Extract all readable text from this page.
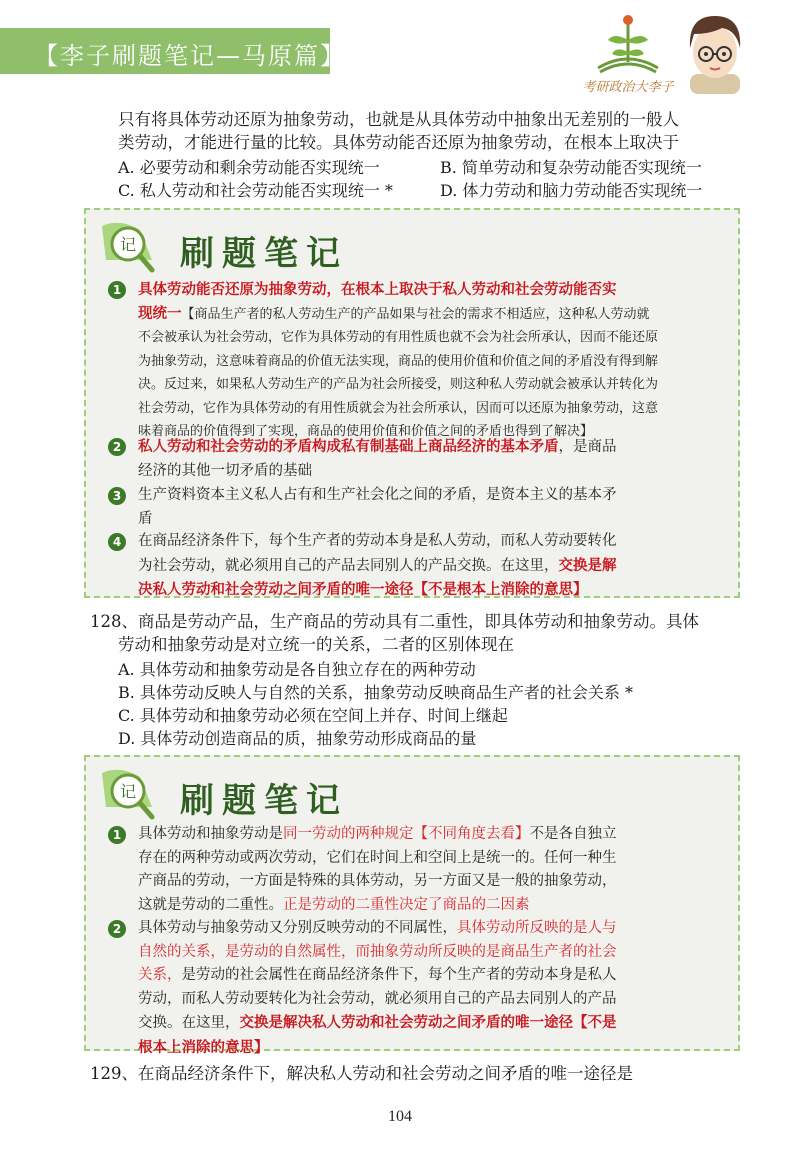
【李子刷题笔记—马原篇】
考研政治大李子
只有将具体劳动还原为抽象劳动，也就是从具体劳动中抽象出无差别的一般人
类劳动，才能进行量的比较。具体劳动能否还原为抽象劳动，在根本上取决于
A. 必要劳动和剩余劳动能否实现统一	B. 简单劳动和复杂劳动能否实现统一
C. 私人劳动和社会劳动能否实现统一 *	D. 体力劳动和脑力劳动能否实现统一
记 刷题笔记
1	具体劳动能否还原为抽象劳动，在根本上取决于私人劳动和社会劳动能否实
现统一【商品生产者的私人劳动生产的产品如果与社会的需求不相适应，这种私人劳动就
不会被承认为社会劳动，它作为具体劳动的有用性质也就不会为社会所承认，因而不能还原
为抽象劳动，这意味着商品的价值无法实现，商品的使用价值和价值之间的矛盾没有得到解
决。反过来，如果私人劳动生产的产品为社会所接受，则这种私人劳动就会被承认并转化为
社会劳动，它作为具体劳动的有用性质就会为社会所承认，因而可以还原为抽象劳动，这意
味着商品的价值得到了实现，商品的使用价值和价值之间的矛盾也得到了解决】
2	私人劳动和社会劳动的矛盾构成私有制基础上商品经济的基本矛盾，是商品
经济的其他一切矛盾的基础
3	生产资料资本主义私人占有和生产社会化之间的矛盾，是资本主义的基本矛
盾
4	在商品经济条件下，每个生产者的劳动本身是私人劳动，而私人劳动要转化
为社会劳动，就必须用自己的产品去同别人的产品交换。在这里，交换是解
决私人劳动和社会劳动之间矛盾的唯一途径【不是根本上消除的意思】
128、商品是劳动产品，生产商品的劳动具有二重性，即具体劳动和抽象劳动。具体
劳动和抽象劳动是对立统一的关系，二者的区别体现在
A. 具体劳动和抽象劳动是各自独立存在的两种劳动
B. 具体劳动反映人与自然的关系，抽象劳动反映商品生产者的社会关系 *
C. 具体劳动和抽象劳动必须在空间上并存、时间上继起
D. 具体劳动创造商品的质，抽象劳动形成商品的量
记 刷题笔记
1	具体劳动和抽象劳动是同一劳动的两种规定【不同角度去看】不是各自独立
存在的两种劳动或两次劳动，它们在时间上和空间上是统一的。任何一种生
产商品的劳动，一方面是特殊的具体劳动，另一方面又是一般的抽象劳动，
这就是劳动的二重性。正是劳动的二重性决定了商品的二因素
2	具体劳动与抽象劳动又分别反映劳动的不同属性，具体劳动所反映的是人与
自然的关系，是劳动的自然属性，而抽象劳动所反映的是商品生产者的社会
关系，是劳动的社会属性在商品经济条件下，每个生产者的劳动本身是私人
劳动，而私人劳动要转化为社会劳动，就必须用自己的产品去同别人的产品
交换。在这里，交换是解决私人劳动和社会劳动之间矛盾的唯一途径【不是
根本上消除的意思】
129、在商品经济条件下，解决私人劳动和社会劳动之间矛盾的唯一途径是
104
